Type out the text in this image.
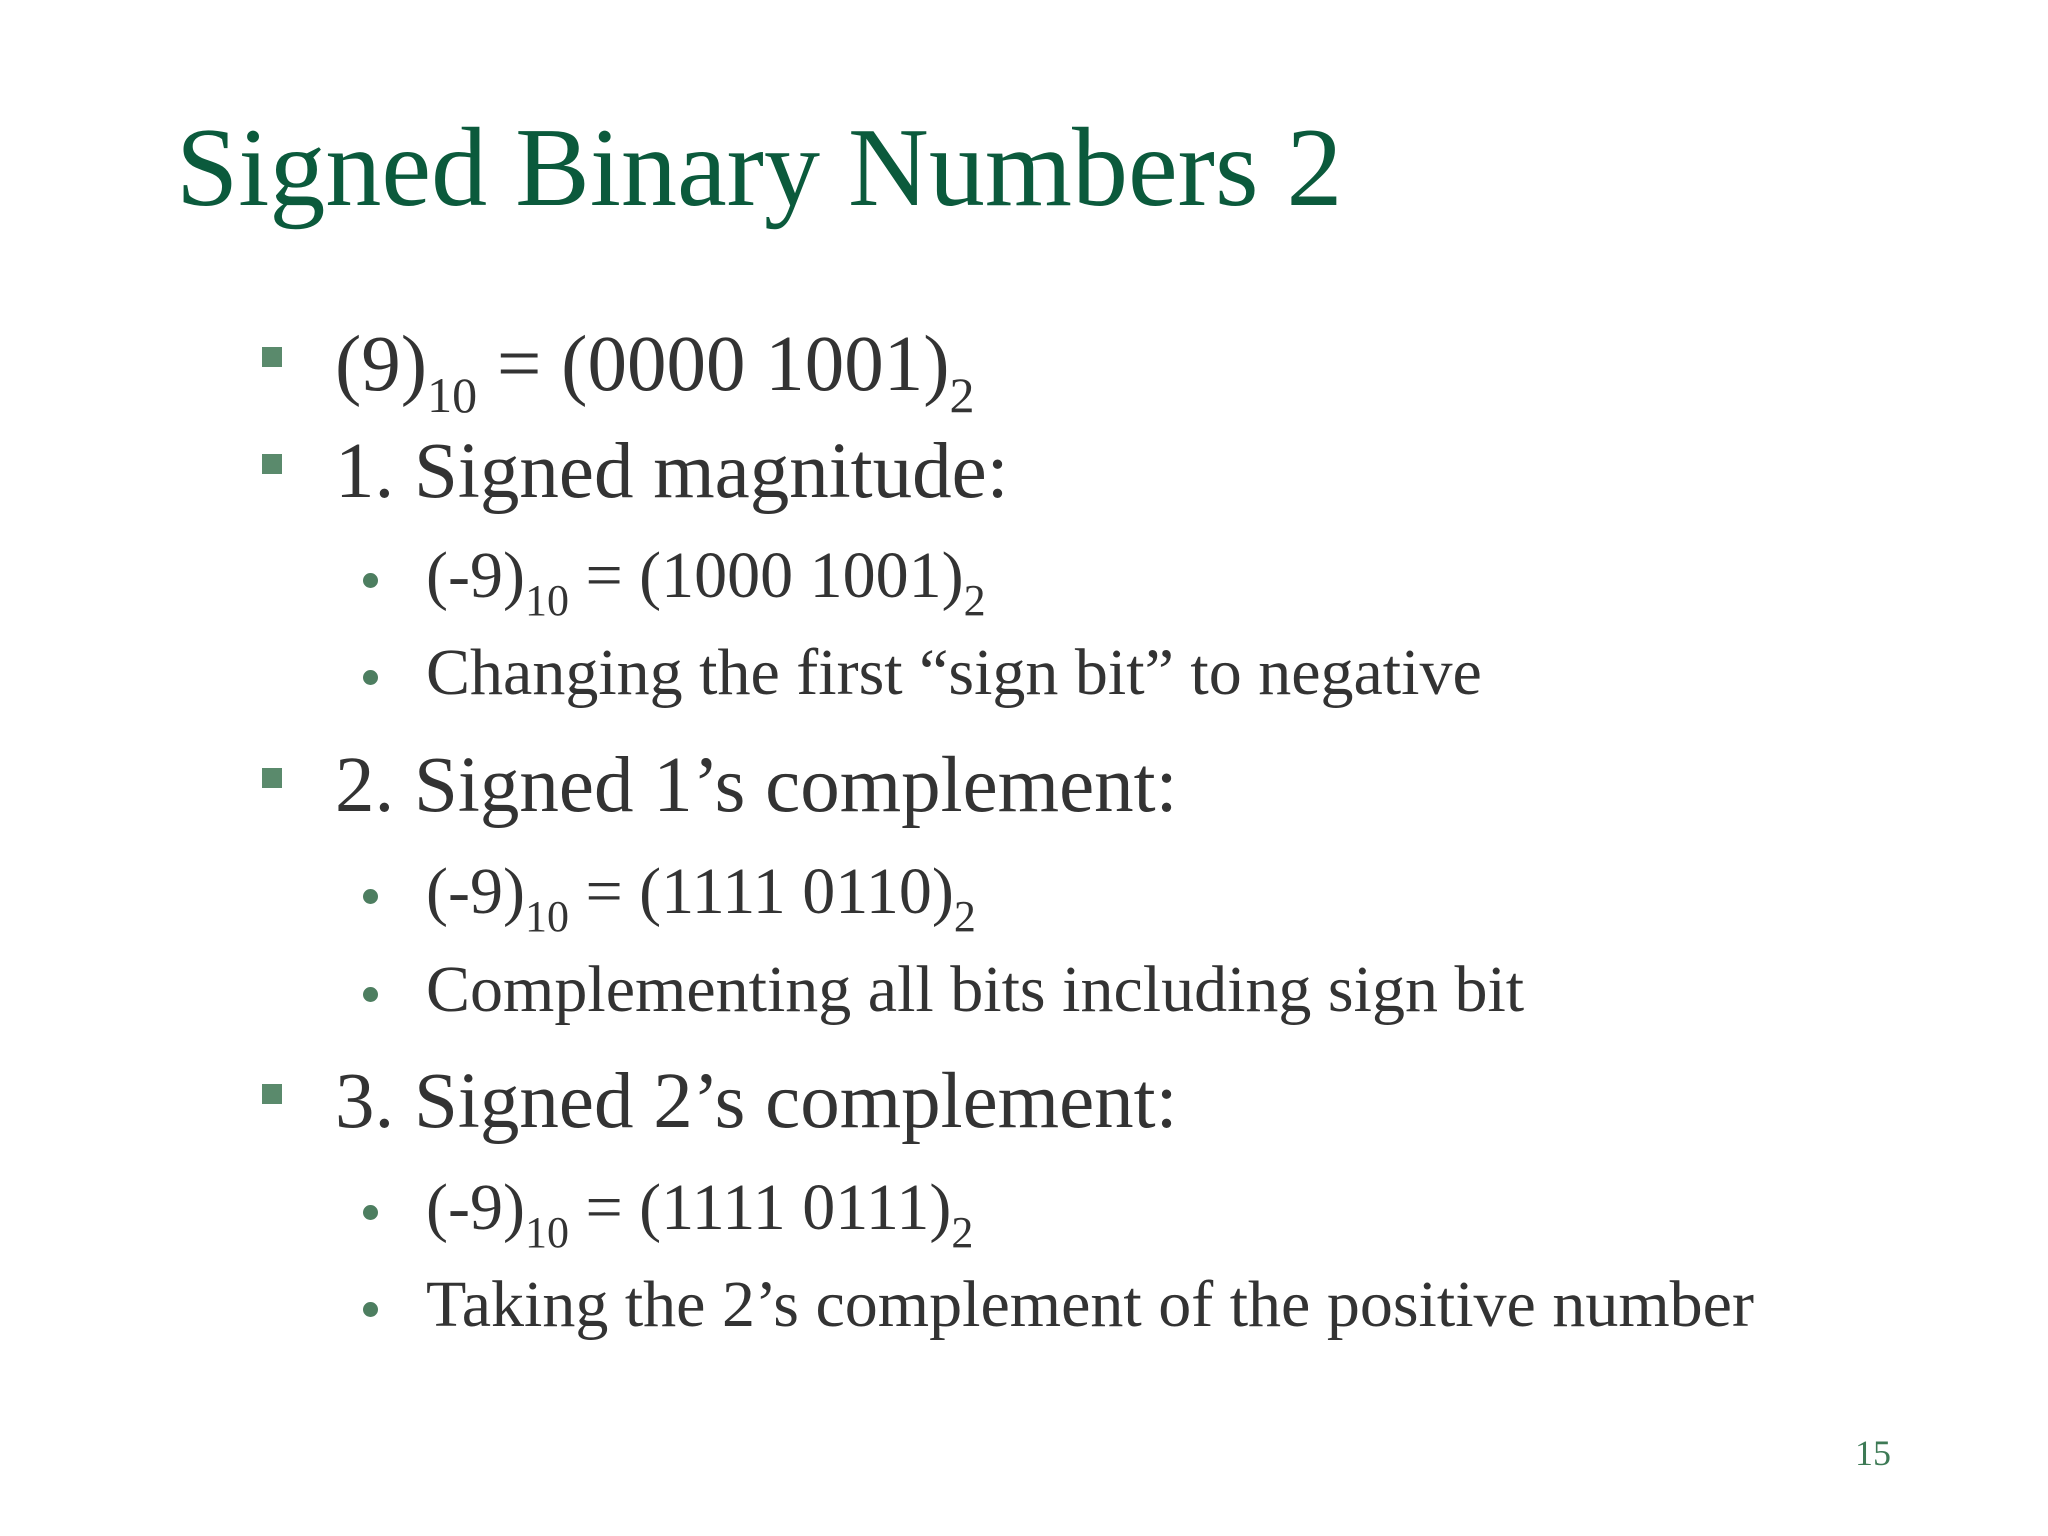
Signed Binary Numbers 2
$(9)_{10} = (0000$ $1001)_2$
1. Signed magnitude:
$(-9)_{10} = (1000$ $1001)_2$
Changing the first “sign bit” to negative
2. Signed 1’s complement:
$(-9)_{10} = (1111$ $0110)_2$
Complementing all bits including sign bit
3. Signed 2’s complement:
$(-9)_{10} = (1111$ $0111)_2$
Taking the 2’s complement of the positive number
15
